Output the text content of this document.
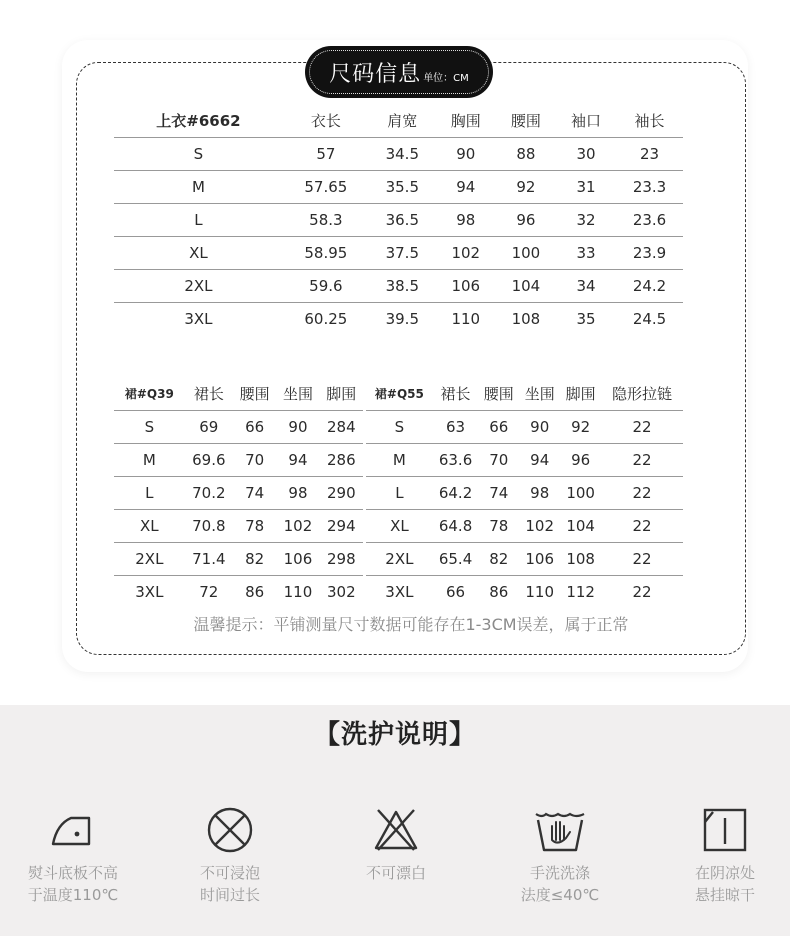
尺码信息 单位：CM
上衣#6662	衣长	肩宽	胸围	腰围	袖口	袖长
S	57	34.5	90	88	30	23
M	57.65	35.5	94	92	31	23.3
L	58.3	36.5	98	96	32	23.6
XL	58.95	37.5	102	100	33	23.9
2XL	59.6	38.5	106	104	34	24.2
3XL	60.25	39.5	110	108	35	24.5
裙#Q39	裙长	腰围	坐围	脚围
S	69	66	90	284
M	69.6	70	94	286
L	70.2	74	98	290
XL	70.8	78	102	294
2XL	71.4	82	106	298
3XL	72	86	110	302
裙#Q55	裙长	腰围	坐围	脚围	隐形拉链
S	63	66	90	92	22
M	63.6	70	94	96	22
L	64.2	74	98	100	22
XL	64.8	78	102	104	22
2XL	65.4	82	106	108	22
3XL	66	86	110	112	22
温馨提示：平铺测量尺寸数据可能存在1-3CM误差，属于正常
【洗护说明】
熨斗底板不高
于温度110℃
不可浸泡
时间过长
不可漂白	手洗洗涤
法度≤40℃
在阴凉处
悬挂晾干
